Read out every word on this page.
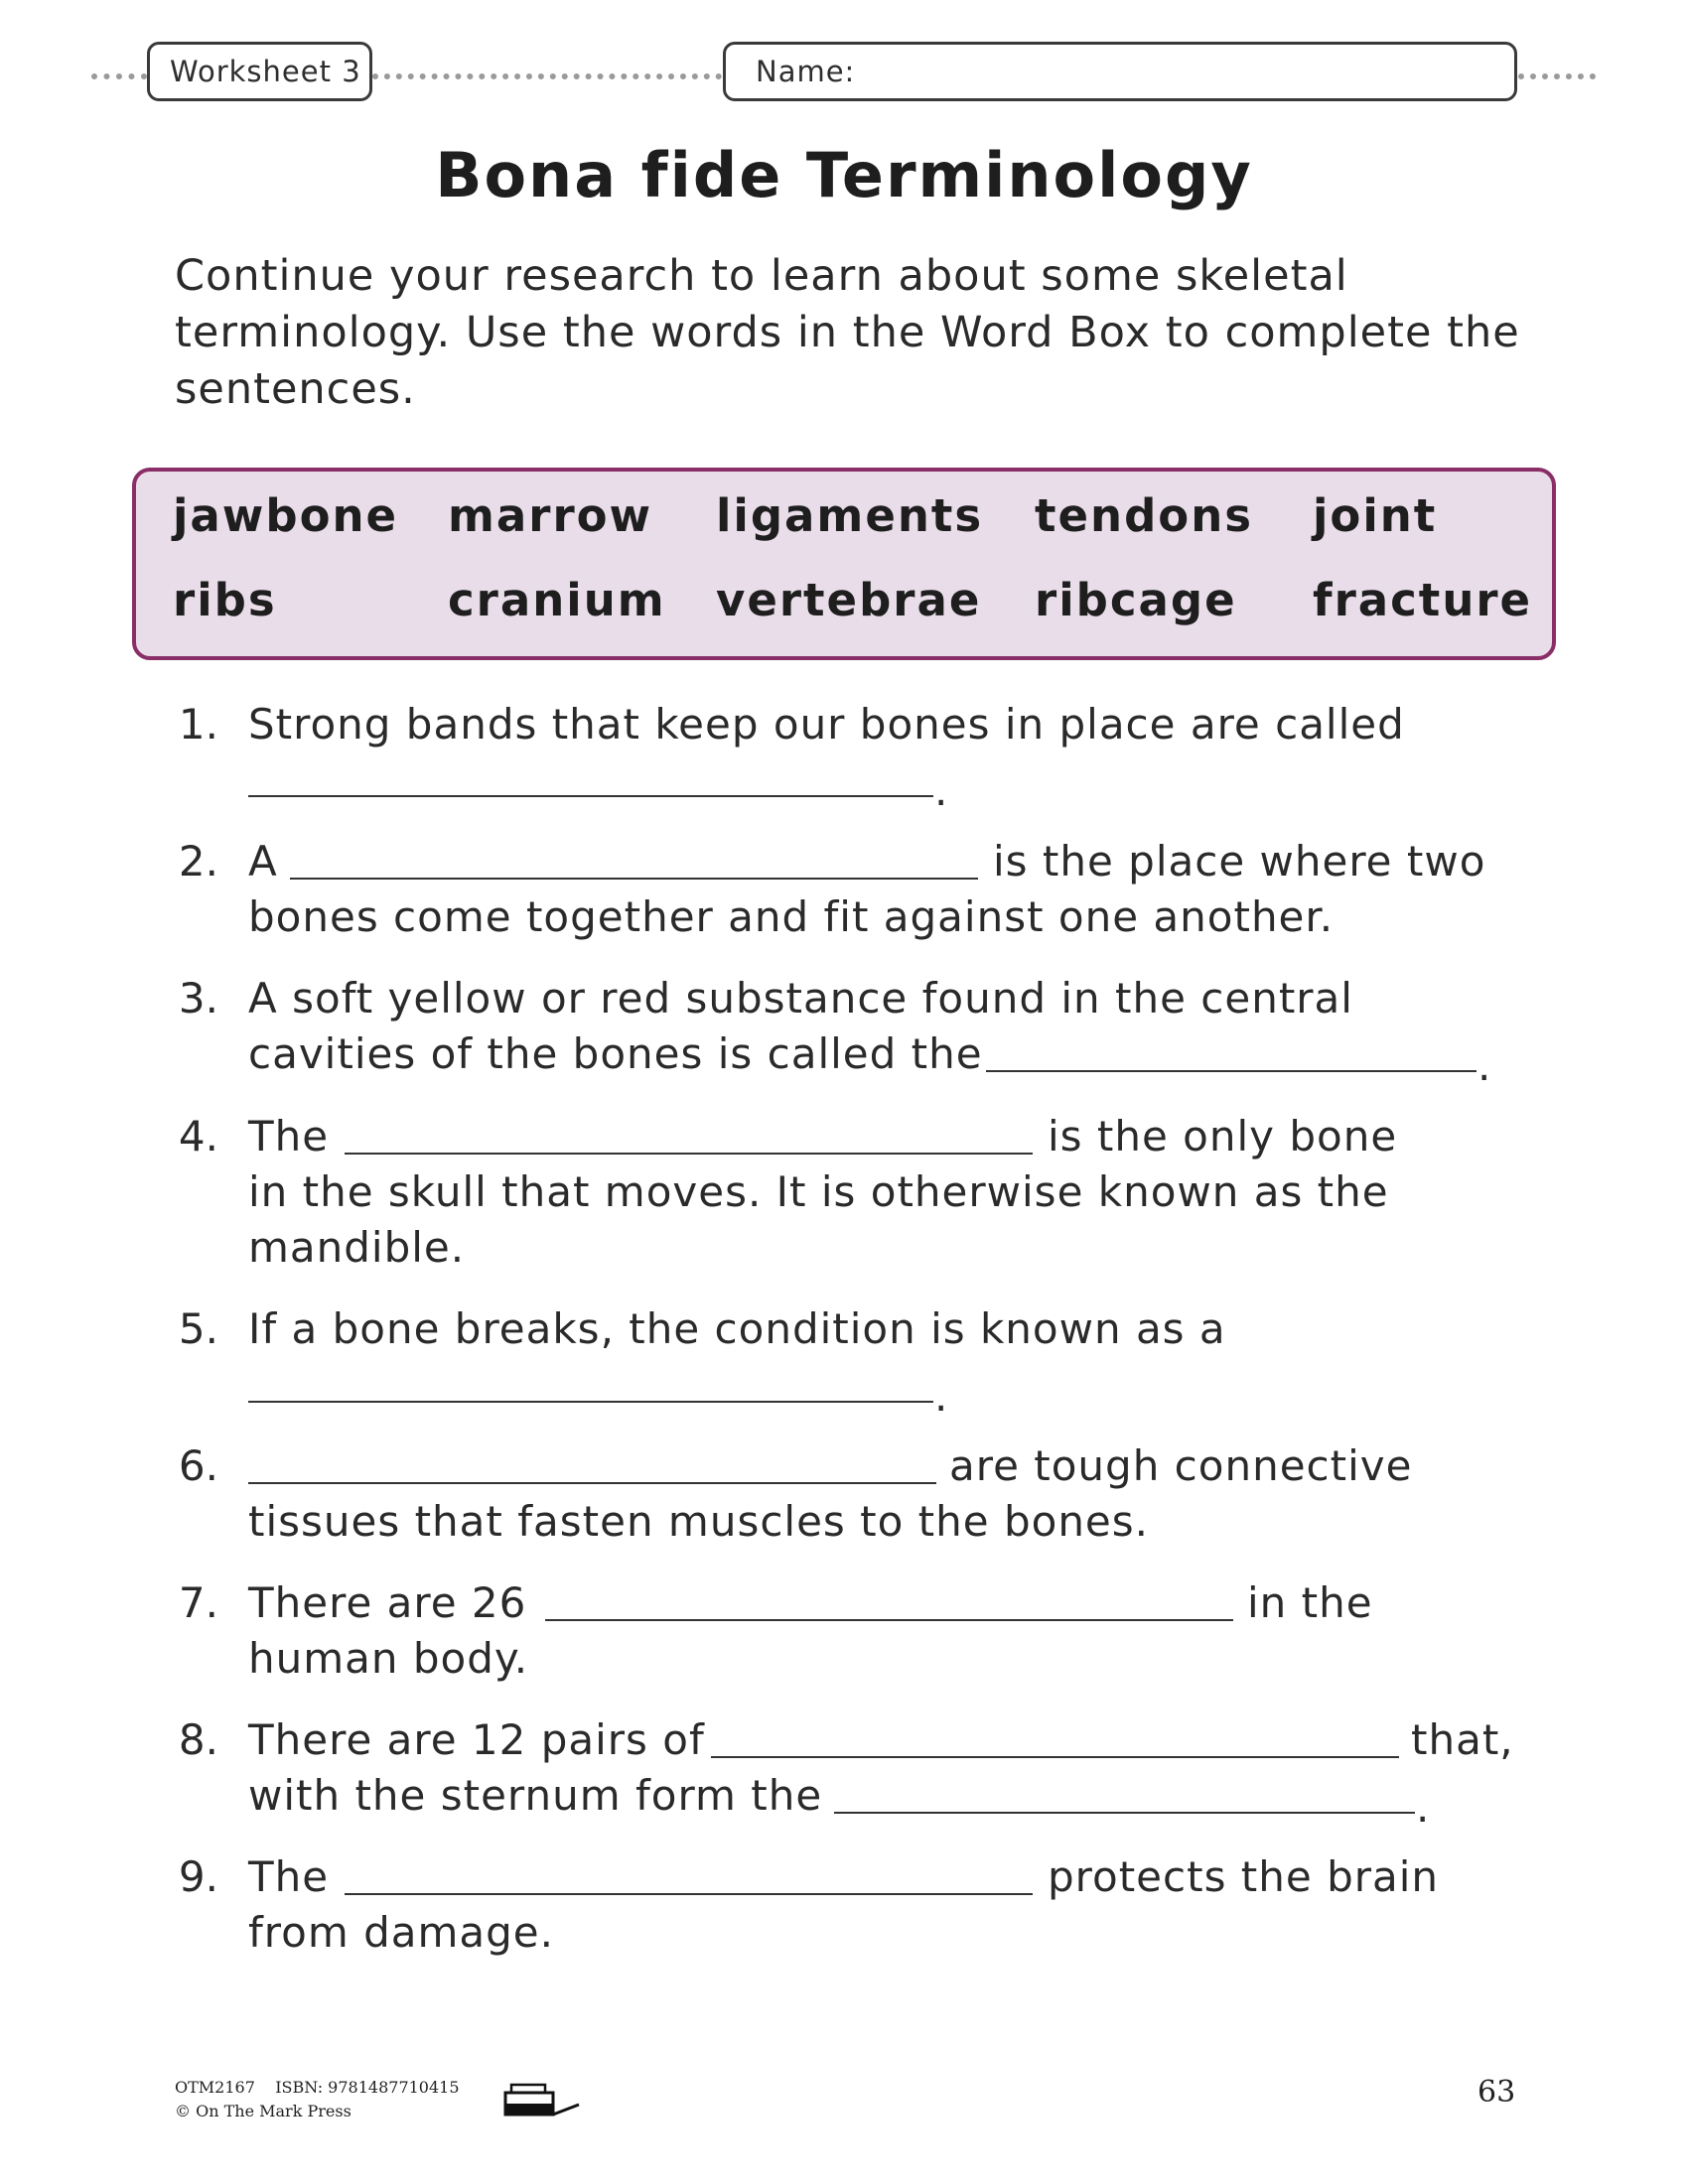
Worksheet 3	Name:
Bona fide Terminology
Continue your research to learn about some skeletal
terminology. Use the words in the Word Box to complete the
sentences.
jawbone marrow ligaments tendons joint
ribs	cranium vertebrae ribcage fracture
1. Strong bands that keep our bones in place are called
.
2. A	is the place where two
bones come together and fit against one another.
3. A soft yellow or red substance found in the central
cavities of the bones is called the	.
4. The	is the only bone
in the skull that moves. It is otherwise known as the
mandible.
5. If a bone breaks, the condition is known as a
.
6.	are tough connective
tissues that fasten muscles to the bones.
7. There are 26	in the
human body.
8. There are 12 pairs of	that,
with the sternum form the	.
9. The	protects the brain
from damage.
OTM2167 ISBN: 9781487710415
© On The Mark Press
63
